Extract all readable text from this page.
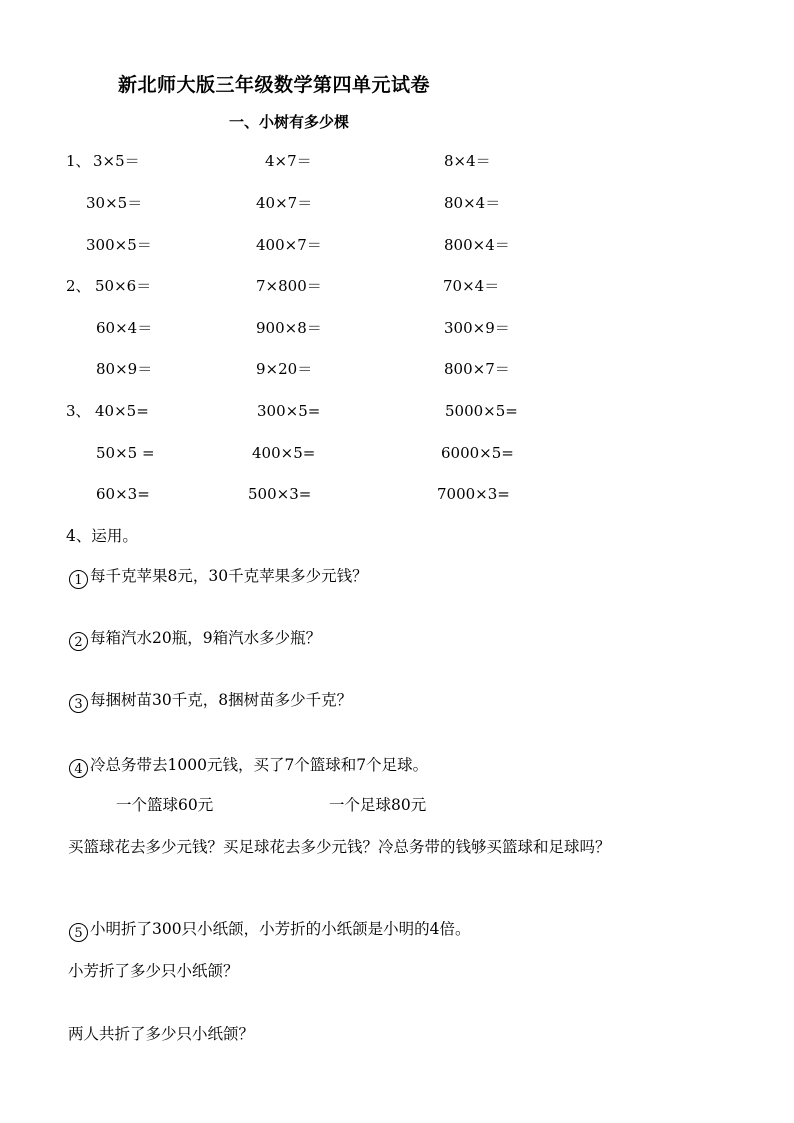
新北师大版三年级数学第四单元试卷
一、小树有多少棵
1、 3×5＝	4×7＝	8×4＝
30×5＝	40×7＝	80×4＝
300×5＝	400×7＝	800×4＝
2、 50×6＝	7×800＝	70×4＝
60×4＝	900×8＝	300×9＝
80×9＝	9×20＝	800×7＝
3、 40×5=	300×5=	5000×5=
50×5 =	400×5=	6000×5=
60×3=	500×3=	7000×3=
4、运用。
1 每千克苹果8元，30千克苹果多少元钱？
2 每箱汽水20瓶，9箱汽水多少瓶？
3 每捆树苗30千克，8捆树苗多少千克？
4 冷总务带去1000元钱，买了7个篮球和7个足球。
一个篮球60元	一个足球80元
买篮球花去多少元钱？买足球花去多少元钱？冷总务带的钱够买篮球和足球吗？
5 小明折了300只小纸颌，小芳折的小纸颌是小明的4倍。
小芳折了多少只小纸颌？
两人共折了多少只小纸颌？
